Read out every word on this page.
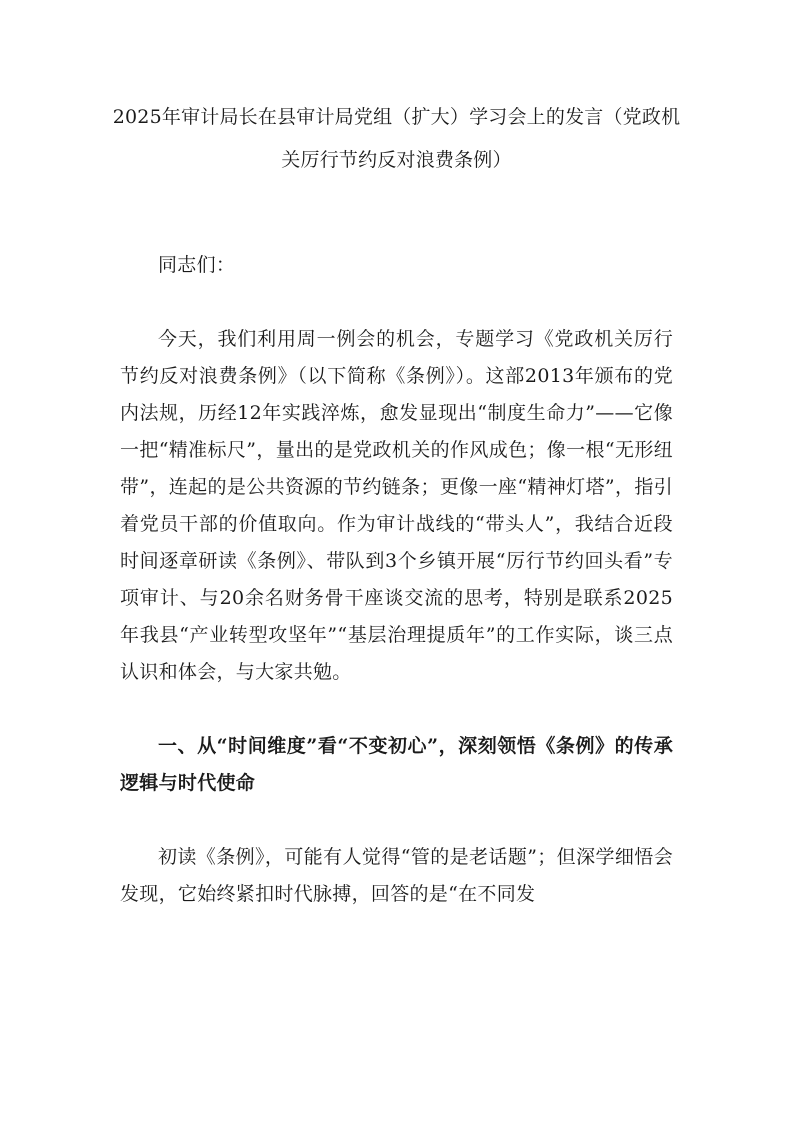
2025年审计局长在县审计局党组（扩大）学习会上的发言（党政机关厉行节约反对浪费条例）

同志们：

今天，我们利用周一例会的机会，专题学习《党政机关厉行节约反对浪费条例》（以下简称《条例》）。这部2013年颁布的党内法规，历经12年实践淬炼，愈发显现出“制度生命力”——它像一把“精准标尺”，量出的是党政机关的作风成色；像一根“无形纽带”，连起的是公共资源的节约链条；更像一座“精神灯塔”，指引着党员干部的价值取向。作为审计战线的“带头人”，我结合近段时间逐章研读《条例》、带队到3个乡镇开展“厉行节约回头看”专项审计、与20余名财务骨干座谈交流的思考，特别是联系2025年我县“产业转型攻坚年”“基层治理提质年”的工作实际，谈三点认识和体会，与大家共勉。

一、从“时间维度”看“不变初心”，深刻领悟《条例》的传承逻辑与时代使命

初读《条例》，可能有人觉得“管的是老话题”；但深学细悟会发现，它始终紧扣时代脉搏，回答的是“在不同发
